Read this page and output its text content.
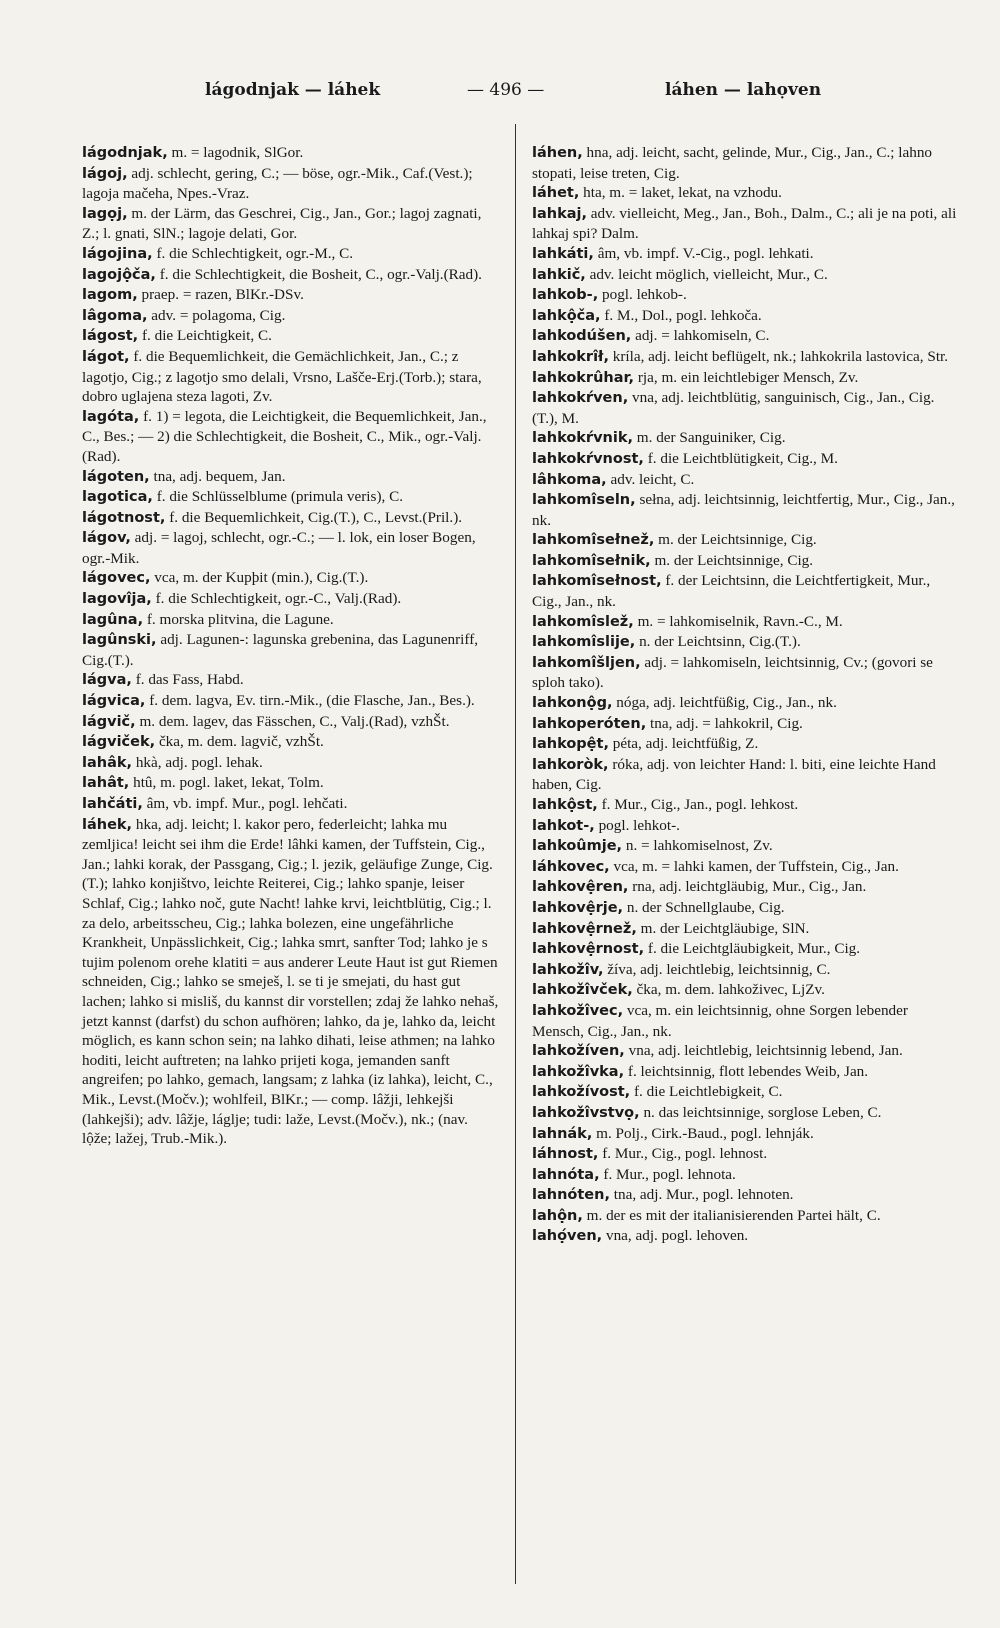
lágodnjak — láhek	— 496 —	láhen — lahọven

lágodnjak, m. = lagodnik, SlGor.

lágoj, adj. schlecht, gering, C.; — böse, ogr.-Mik., Caf.(Vest.); lagoja mačeha, Npes.-Vraz.

lagọj, m. der Lärm, das Geschrei, Cig., Jan., Gor.; lagoj zagnati, Z.; l. gnati, SlN.; lagoje delati, Gor.

lágojina, f. die Schlechtigkeit, ogr.-M., C.

lagojộča, f. die Schlechtigkeit, die Bosheit, C., ogr.-Valj.(Rad).

lagom, praep. = razen, BlKr.-DSv.

lâgoma, adv. = polagoma, Cig.

lágost, f. die Leichtigkeit, C.

lágot, f. die Bequemlichkeit, die Gemächlichkeit, Jan., C.; z lagotjo, Cig.; z lagotjo smo delali, Vrsno, Lašče-Erj.(Torb.); stara, dobro uglajena steza lagoti, Zv.

lagóta, f. 1) = legota, die Leichtigkeit, die Bequemlichkeit, Jan., C., Bes.; — 2) die Schlechtigkeit, die Bosheit, C., Mik., ogr.-Valj.(Rad).

lágoten, tna, adj. bequem, Jan.

lagotica, f. die Schlüsselblume (primula veris), C.

lágotnost, f. die Bequemlichkeit, Cig.(T.), C., Levst.(Pril.).

lágov, adj. = lagoj, schlecht, ogr.-C.; — l. lok, ein loser Bogen, ogr.-Mik.

lágovec, vca, m. der Kupþit (min.), Cig.(T.).

lagovîja, f. die Schlechtigkeit, ogr.-C., Valj.(Rad).

lagûna, f. morska plitvina, die Lagune.

lagûnski, adj. Lagunen-: lagunska grebenina, das Lagunenriff, Cig.(T.).

lágva, f. das Fass, Habd.

lágvica, f. dem. lagva, Ev. tirn.-Mik., (die Flasche, Jan., Bes.).

lágvič, m. dem. lagev, das Fässchen, C., Valj.(Rad), vzhŠt.

lágviček, čka, m. dem. lagvič, vzhŠt.

lahâk, hkà, adj. pogl. lehak.

lahât, htû, m. pogl. laket, lekat, Tolm.

lahčáti, âm, vb. impf. Mur., pogl. lehčati.

láhek, hka, adj. leicht; l. kakor pero, federleicht; lahka mu zemljica! leicht sei ihm die Erde! lâhki kamen, der Tuffstein, Cig., Jan.; lahki korak, der Passgang, Cig.; l. jezik, geläufige Zunge, Cig.(T.); lahko konjištvo, leichte Reiterei, Cig.; lahko spanje, leiser Schlaf, Cig.; lahko noč, gute Nacht! lahke krvi, leichtblütig, Cig.; l. za delo, arbeitsscheu, Cig.; lahka bolezen, eine ungefährliche Krankheit, Unpässlichkeit, Cig.; lahka smrt, sanfter Tod; lahko je s tujim polenom orehe klatiti = aus anderer Leute Haut ist gut Riemen schneiden, Cig.; lahko se smeješ, l. se ti je smejati, du hast gut lachen; lahko si misliš, du kannst dir vorstellen; zdaj že lahko nehaš, jetzt kannst (darfst) du schon aufhören; lahko, da je, lahko da, leicht möglich, es kann schon sein; na lahko dihati, leise athmen; na lahko hoditi, leicht auftreten; na lahko prijeti koga, jemanden sanft angreifen; po lahko, gemach, langsam; z lahka (iz lahka), leicht, C., Mik., Levst.(Močv.); wohlfeil, BlKr.; — comp. lâžji, lehkejši (lahkejši); adv. lâžje, láglje; tudi: laže, Levst.(Močv.), nk.; (nav. lộže; lažej, Trub.-Mik.).

láhen, hna, adj. leicht, sacht, gelinde, Mur., Cig., Jan., C.; lahno stopati, leise treten, Cig.

láhet, hta, m. = laket, lekat, na vzhodu.

lahkaj, adv. vielleicht, Meg., Jan., Boh., Dalm., C.; ali je na poti, ali lahkaj spi? Dalm.

lahkáti, âm, vb. impf. V.-Cig., pogl. lehkati.

lahkič, adv. leicht möglich, vielleicht, Mur., C.

lahkob-, pogl. lehkob-.

lahkộča, f. M., Dol., pogl. lehkoča.

lahkodúšen, adj. = lahkomiseln, C.

lahkokrîł, kríla, adj. leicht beflügelt, nk.; lahkokrila lastovica, Str.

lahkokrûhar, rja, m. ein leichtlebiger Mensch, Zv.

lahkokŕven, vna, adj. leichtblütig, sanguinisch, Cig., Jan., Cig.(T.), M.

lahkokŕvnik, m. der Sanguiniker, Cig.

lahkokŕvnost, f. die Leichtblütigkeit, Cig., M.

lâhkoma, adv. leicht, C.

lahkomîseln, sełna, adj. leichtsinnig, leichtfertig, Mur., Cig., Jan., nk.

lahkomîsełnež, m. der Leichtsinnige, Cig.

lahkomîsełnik, m. der Leichtsinnige, Cig.

lahkomîsełnost, f. der Leichtsinn, die Leichtfertigkeit, Mur., Cig., Jan., nk.

lahkomîslež, m. = lahkomiselnik, Ravn.-C., M.

lahkomîslije, n. der Leichtsinn, Cig.(T.).

lahkomîšljen, adj. = lahkomiseln, leichtsinnig, Cv.; (govori se sploh tako).

lahkonộg, nóga, adj. leichtfüßig, Cig., Jan., nk.

lahkoperóten, tna, adj. = lahkokril, Cig.

lahkopệt, péta, adj. leichtfüßig, Z.

lahkoròk, róka, adj. von leichter Hand: l. biti, eine leichte Hand haben, Cig.

lahkộst, f. Mur., Cig., Jan., pogl. lehkost.

lahkot-, pogl. lehkot-.

lahkoûmje, n. = lahkomiselnost, Zv.

láhkovec, vca, m. = lahki kamen, der Tuffstein, Cig., Jan.

lahkovệren, rna, adj. leichtgläubig, Mur., Cig., Jan.

lahkovệrje, n. der Schnellglaube, Cig.

lahkovệrnež, m. der Leichtgläubige, SlN.

lahkovệrnost, f. die Leichtgläubigkeit, Mur., Cig.

lahkožîv, žíva, adj. leichtlebig, leichtsinnig, C.

lahkožîvček, čka, m. dem. lahkoživec, LjZv.

lahkožîvec, vca, m. ein leichtsinnig, ohne Sorgen lebender Mensch, Cig., Jan., nk.

lahkožíven, vna, adj. leichtlebig, leichtsinnig lebend, Jan.

lahkožîvka, f. leichtsinnig, flott lebendes Weib, Jan.

lahkožívost, f. die Leichtlebigkeit, C.

lahkožîvstvọ, n. das leichtsinnige, sorglose Leben, C.

lahnák, m. Polj., Cirk.-Baud., pogl. lehnják.

láhnost, f. Mur., Cig., pogl. lehnost.

lahnóta, f. Mur., pogl. lehnota.

lahnóten, tna, adj. Mur., pogl. lehnoten.

lahộn, m. der es mit der italianisierenden Partei hält, C.

lahọ́ven, vna, adj. pogl. lehoven.
